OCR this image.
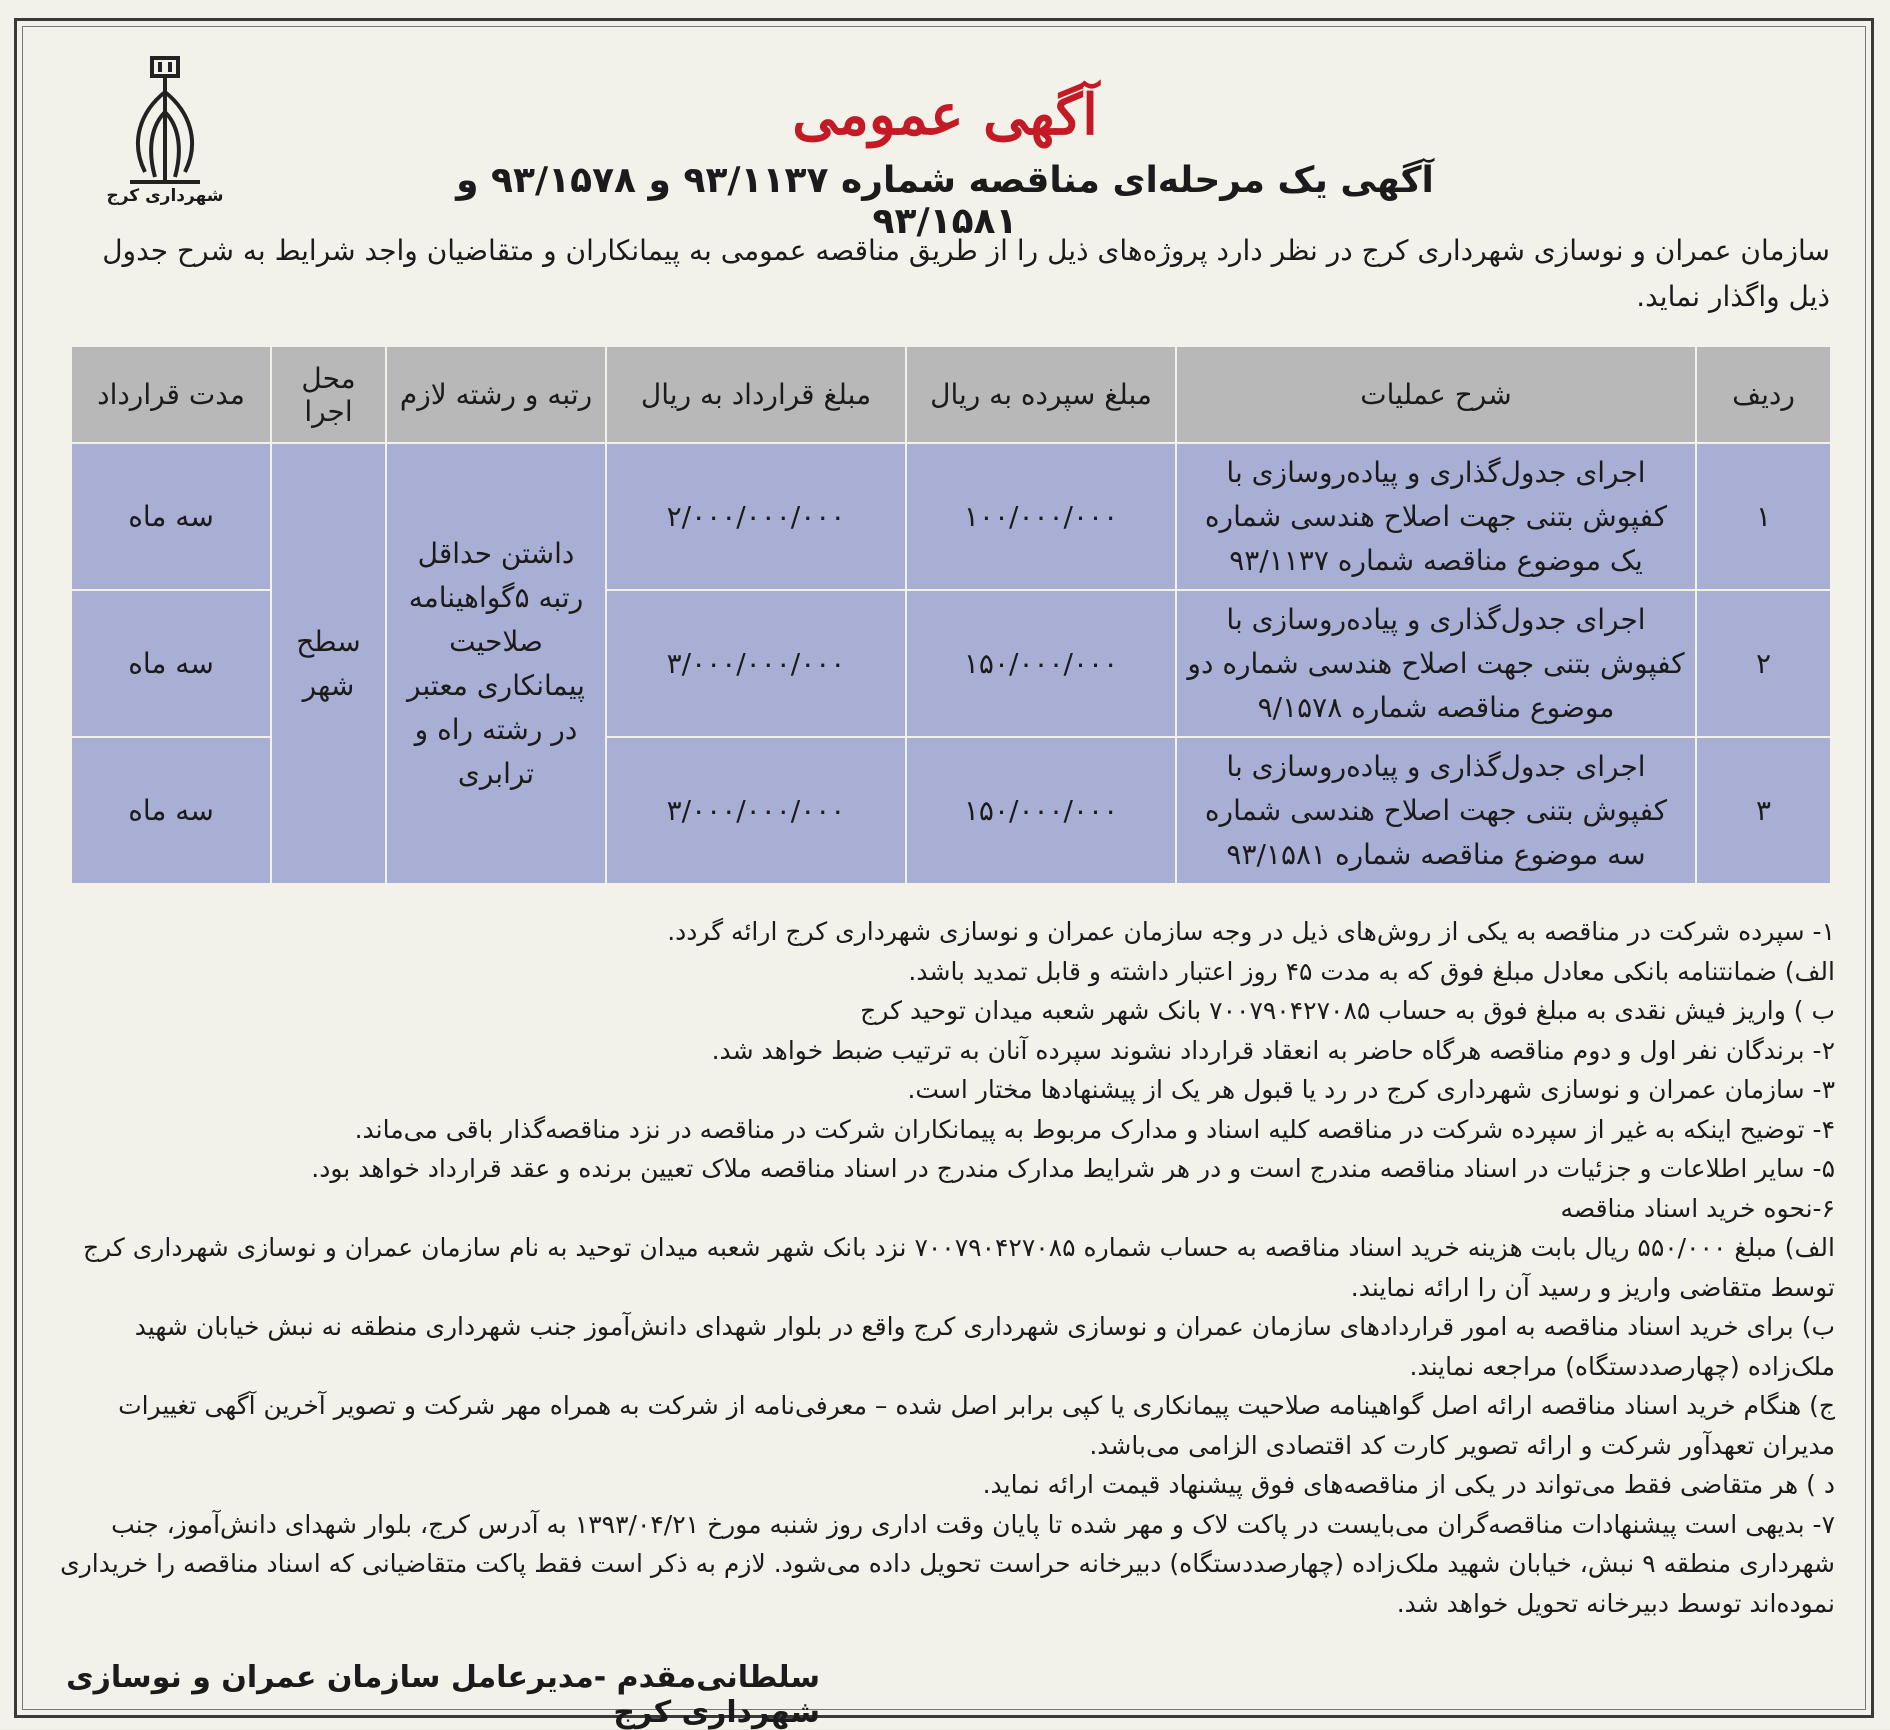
شهرداری کرج
آگهی عمومی
آگهی یک مرحله‌ای مناقصه شماره ۹۳/۱۱۳۷ و ۹۳/۱۵۷۸ و ۹۳/۱۵۸۱
سازمان عمران و نوسازی شهرداری کرج در نظر دارد پروژه‌های ذیل را از طریق مناقصه عمومی به پیمانکاران و متقاضیان واجد شرایط به شرح جدول ذیل واگذار نماید.
ردیف	شرح عملیات	مبلغ سپرده به ریال	مبلغ قرارداد به ریال	رتبه و رشته لازم	محل اجرا	مدت قرارداد
۱	اجرای جدول‌گذاری و پیاده‌روسازی با کفپوش بتنی جهت اصلاح هندسی شماره یک موضوع مناقصه شماره ۹۳/۱۱۳۷	۱۰۰/۰۰۰/۰۰۰	۲/۰۰۰/۰۰۰/۰۰۰	داشتن حداقل رتبه ۵گواهینامه صلاحیت پیمانکاری معتبر در رشته راه و ترابری	سطح شهر	سه ماه
۲	اجرای جدول‌گذاری و پیاده‌روسازی با کفپوش بتنی جهت اصلاح هندسی شماره دو موضوع مناقصه شماره ۹/۱۵۷۸	۱۵۰/۰۰۰/۰۰۰	۳/۰۰۰/۰۰۰/۰۰۰			سه ماه
۳	اجرای جدول‌گذاری و پیاده‌روسازی با کفپوش بتنی جهت اصلاح هندسی شماره سه موضوع مناقصه شماره ۹۳/۱۵۸۱	۱۵۰/۰۰۰/۰۰۰	۳/۰۰۰/۰۰۰/۰۰۰			سه ماه

۱- سپرده شرکت در مناقصه به یکی از روش‌های ذیل در وجه سازمان عمران و نوسازی شهرداری کرج ارائه گردد.

الف) ضمانتنامه بانکی معادل مبلغ فوق که به مدت ۴۵ روز اعتبار داشته و قابل تمدید باشد.

ب ) واریز فیش نقدی به مبلغ فوق به حساب ۷۰۰۷۹۰۴۲۷۰۸۵ بانک شهر شعبه میدان توحید کرج

۲- برندگان نفر اول و دوم مناقصه هرگاه حاضر به انعقاد قرارداد نشوند سپرده آنان به ترتیب ضبط خواهد شد.

۳- سازمان عمران و نوسازی شهرداری کرج در رد یا قبول هر یک از پیشنهادها مختار است.

۴- توضیح اینکه به غیر از سپرده شرکت در مناقصه کلیه اسناد و مدارک مربوط به پیمانکاران شرکت در مناقصه در نزد مناقصه‌گذار باقی می‌ماند.

۵- سایر اطلاعات و جزئیات در اسناد مناقصه مندرج است و در هر شرایط مدارک مندرج در اسناد مناقصه ملاک تعیین برنده و عقد قرارداد خواهد بود.

۶-نحوه خرید اسناد مناقصه

الف) مبلغ ۵۵۰/۰۰۰ ریال بابت هزینه خرید اسناد مناقصه به حساب شماره ۷۰۰۷۹۰۴۲۷۰۸۵ نزد بانک شهر شعبه میدان توحید به نام سازمان عمران و نوسازی شهرداری کرج توسط متقاضی واریز و رسید آن را ارائه نمایند.

ب) برای خرید اسناد مناقصه به امور قراردادهای سازمان عمران و نوسازی شهرداری کرج واقع در بلوار شهدای دانش‌آموز جنب شهرداری منطقه نه نبش خیابان شهید ملک‌زاده (چهارصددستگاه) مراجعه نمایند.

ج) هنگام خرید اسناد مناقصه ارائه اصل گواهینامه صلاحیت پیمانکاری یا کپی برابر اصل شده – معرفی‌نامه از شرکت به همراه مهر شرکت و تصویر آخرین آگهی تغییرات مدیران تعهدآور شرکت و ارائه تصویر کارت کد اقتصادی الزامی می‌باشد.

د ) هر متقاضی فقط می‌تواند در یکی از مناقصه‌های فوق پیشنهاد قیمت ارائه نماید.

۷- بدیهی است پیشنهادات مناقصه‌گران می‌بایست در پاکت لاک و مهر شده تا پایان وقت اداری روز شنبه مورخ ۱۳۹۳/۰۴/۲۱ به آدرس کرج، بلوار شهدای دانش‌آموز، جنب شهرداری منطقه ۹ نبش، خیابان شهید ملک‌زاده (چهارصددستگاه) دبیرخانه حراست تحویل داده می‌شود. لازم به ذکر است فقط پاکت متقاضیانی که اسناد مناقصه را خریداری نموده‌اند توسط دبیرخانه تحویل خواهد شد.

سلطانی‌مقدم -مدیرعامل سازمان عمران و نوسازی شهرداری کرج
